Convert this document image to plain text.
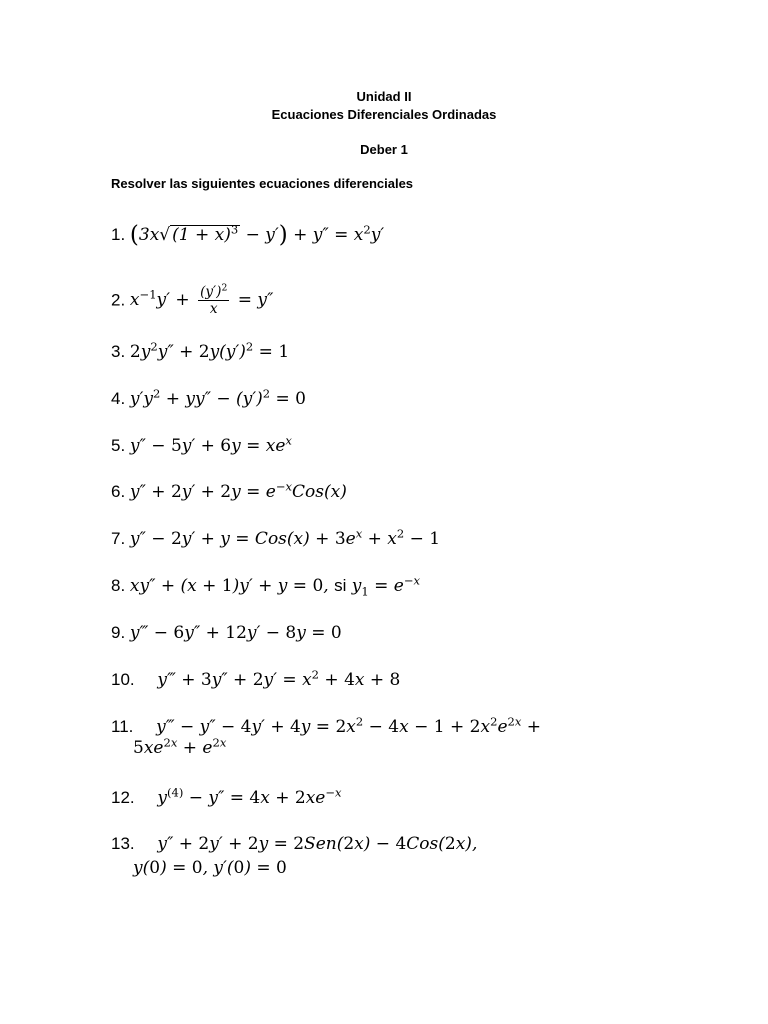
Unidad II
Ecuaciones Diferenciales Ordinadas
Deber 1
Resolver las siguientes ecuaciones diferenciales
1. (3x√ $(1 + x)^3 - y') + y'' = x^2y'$
2. $x^{-1}y' + \frac{(y')^2}{x} = y''$
3. $2y^2y'' + 2y(y')^2 = 1$
4. $y'y^2 + yy'' - (y')^2 = 0$
5. $y'' - 5y' + 6y = xe^x$
6. $y'' + 2y' + 2y = e^{-x}Cos(x)$
7. $y'' - 2y' + y = Cos(x) + 3e^x + x^2 - 1$
8. xy″ + (x + 1)y′ + y = 0, si $y_1 = e^{-x}$
9. y‴ − 6y″ + 12y′ − 8y = 0
10. y‴ + $3y'' + 2y' = x^2 + 4x + 8$
11. y‴ − $y'' - 4y' + 4y = 2x^2 - 4x - 1 + 2x^2e^{2x}$ +
$5xe^{2x} + e^{2x}$
12. $y^{(4)} - y'' = 4x + 2xe^{-x}$
13. y″ + 2y′ + 2y = 2Sen(2x) − 4Cos(2x),
y(0) = 0, y′(0) = 0
